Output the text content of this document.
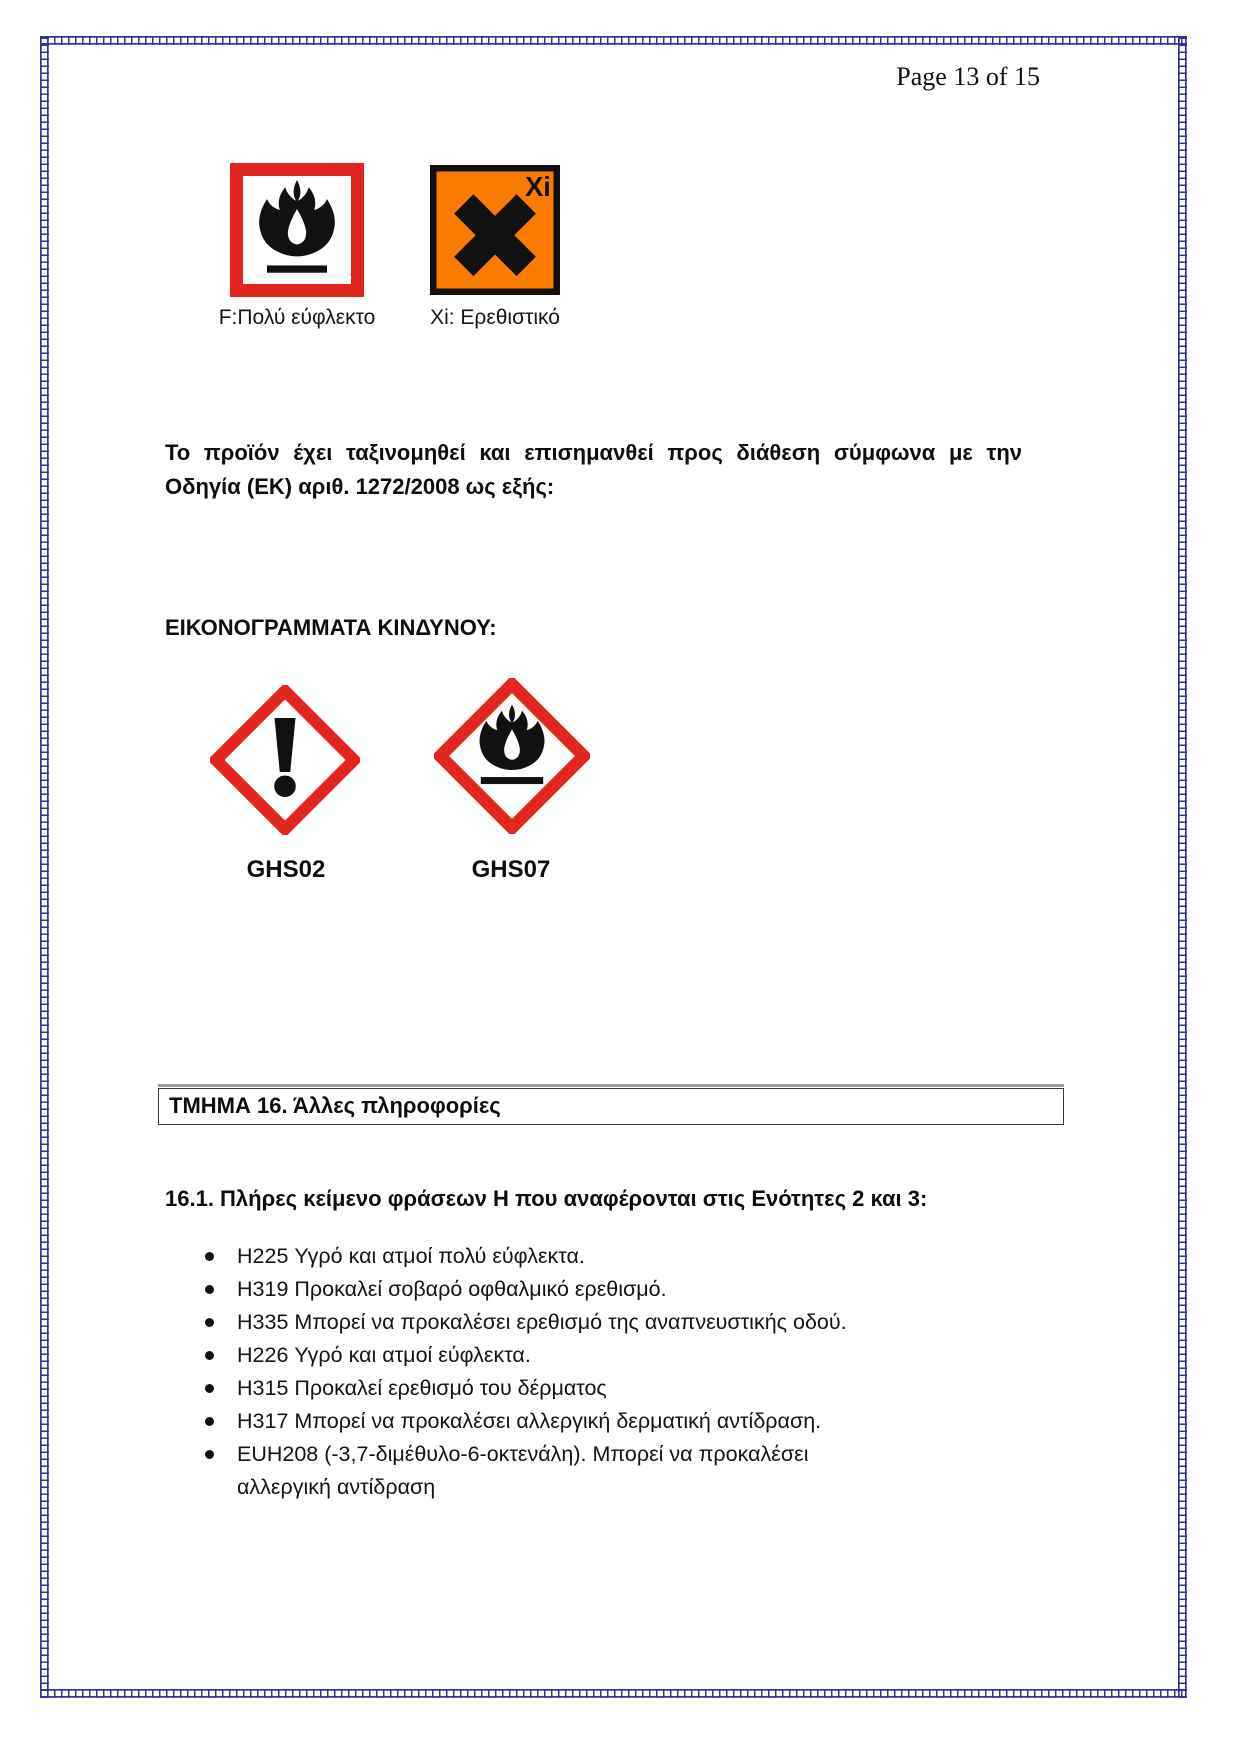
Page 13 of 15
Xi
F:Πολύ εύφλεκτο	Xi: Ερεθιστικό

Το προϊόν έχει ταξινομηθεί και επισημανθεί προς διάθεση σύμφωνα με την Οδηγία (ΕΚ) αριθ. 1272/2008 ως εξής:

ΕΙΚΟΝΟΓΡΑΜΜΑΤΑ ΚΙΝΔΥΝΟΥ:
GHS02	GHS07
ΤΜΗΜΑ 16. Άλλες πληροφορίες
16.1. Πλήρες κείμενο φράσεων H που αναφέρονται στις Ενότητες 2 και 3:
H225 Υγρό και ατμοί πολύ εύφλεκτα.
H319 Προκαλεί σοβαρό οφθαλμικό ερεθισμό.
H335 Μπορεί να προκαλέσει ερεθισμό της αναπνευστικής οδού.
H226 Υγρό και ατμοί εύφλεκτα.
H315 Προκαλεί ερεθισμό του δέρματος
H317 Μπορεί να προκαλέσει αλλεργική δερματική αντίδραση.
EUH208 (-3,7-διμέθυλο-6-οκτενάλη). Μπορεί να προκαλέσει αλλεργική αντίδραση
